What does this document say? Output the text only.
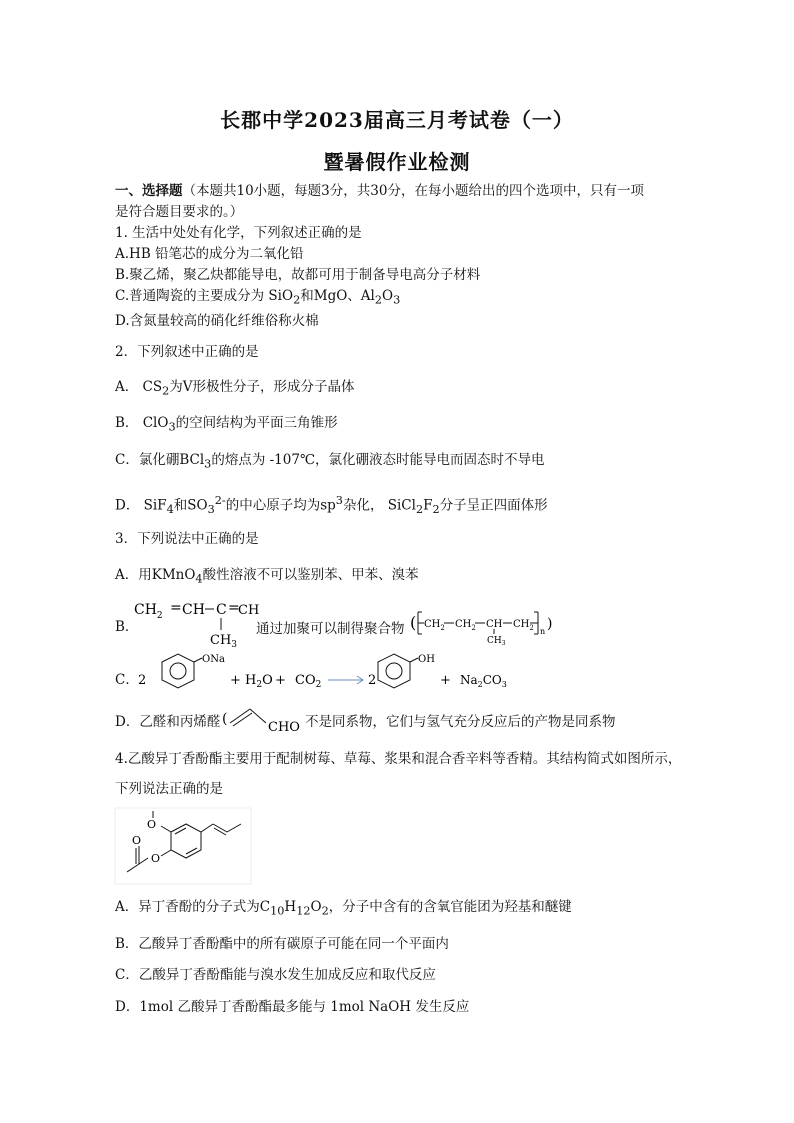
长郡中学2023届高三月考试卷（一）
暨暑假作业检测
一、选择题（本题共10小题，每题3分，共30分，在每小题给出的四个选项中，只有一项
是符合题目要求的。）
1. 生活中处处有化学，下列叙述正确的是
A.HB 铅笔芯的成分为二氧化铅
B.聚乙烯，聚乙炔都能导电，故都可用于制备导电高分子材料
C.普通陶瓷的主要成分为 SiO$_2$和MgO、$Al_2O_3$
D.含氮量较高的硝化纤维俗称火棉
2．下列叙述中正确的是
A． $CS_2$为V形极性分子，形成分子晶体
B． ClO$_3$的空间结构为平面三角锥形
C．氯化硼BCl$_3$的熔点为 -107℃，氯化硼液态时能导电而固态时不导电
D． SiF$_4$和$SO_3^{2-}$的中心原子均为$sp^3$杂化， $SiCl_2F_2$分子呈正四面体形
3．下列说法中正确的是
A．用KMnO$_4$酸性溶液不可以鉴别苯、甲苯、溴苯
B．
$CH_2$ = CH C =
CH
$CH_3$
通过加聚可以制得聚合物 ( $CH_2$ $CH_2$ CH $CH_2$ n )
$CH_3$
C． 2
ONa
+ $H_2O + CO_2$	2
OH
+ $Na_2CO_3$
D．乙醛和丙烯醛 (
CHO 不是同系物，它们与氢气充分反应后的产物是同系物
4.乙酸异丁香酚酯主要用于配制树莓、草莓、浆果和混合香辛料等香精。其结构简式如图所示，
下列说法正确的是
O
O
O
A．异丁香酚的分子式为$C_{10}H_{12}O_2$，分子中含有的含氧官能团为羟基和醚键
B．乙酸异丁香酚酯中的所有碳原子可能在同一个平面内
C．乙酸异丁香酚酯能与溴水发生加成反应和取代反应
D．1mol 乙酸异丁香酚酯最多能与 1mol NaOH 发生反应
